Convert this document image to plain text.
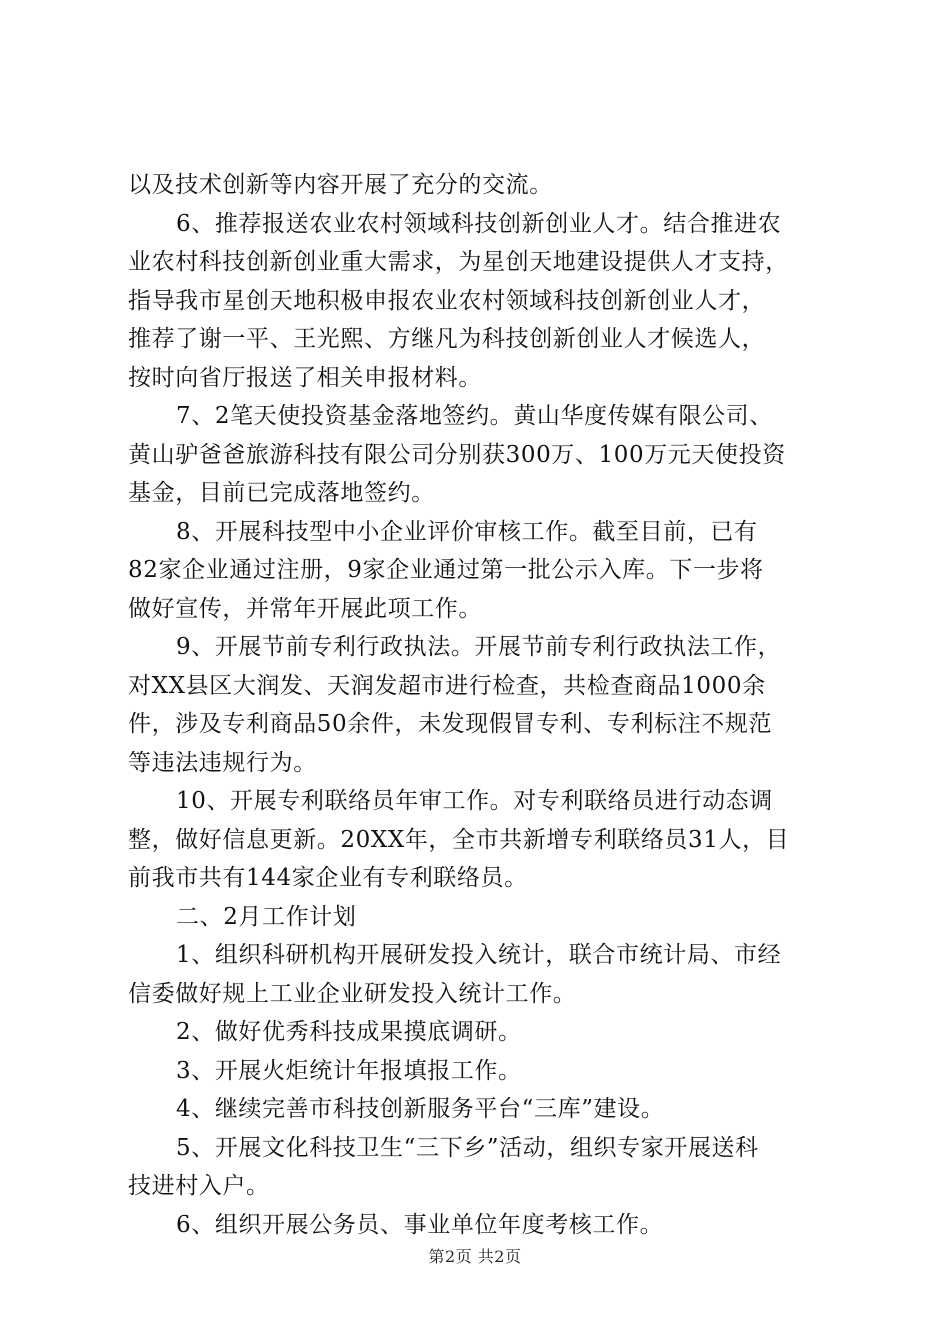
以及技术创新等内容开展了充分的交流。
6、推荐报送农业农村领域科技创新创业人才。结合推进农
业农村科技创新创业重大需求，为星创天地建设提供人才支持，
指导我市星创天地积极申报农业农村领域科技创新创业人才，
推荐了谢一平、王光熙、方继凡为科技创新创业人才候选人，
按时向省厅报送了相关申报材料。
7、2笔天使投资基金落地签约。黄山华度传媒有限公司、
黄山驴爸爸旅游科技有限公司分别获300万、100万元天使投资
基金，目前已完成落地签约。
8、开展科技型中小企业评价审核工作。截至目前，已有
82家企业通过注册，9家企业通过第一批公示入库。下一步将
做好宣传，并常年开展此项工作。
9、开展节前专利行政执法。开展节前专利行政执法工作，
对XX县区大润发、天润发超市进行检查，共检查商品1000余
件，涉及专利商品50余件，未发现假冒专利、专利标注不规范
等违法违规行为。
10、开展专利联络员年审工作。对专利联络员进行动态调
整，做好信息更新。20XX年，全市共新增专利联络员31人，目
前我市共有144家企业有专利联络员。
二、2月工作计划
1、组织科研机构开展研发投入统计，联合市统计局、市经
信委做好规上工业企业研发投入统计工作。
2、做好优秀科技成果摸底调研。
3、开展火炬统计年报填报工作。
4、继续完善市科技创新服务平台“三库”建设。
5、开展文化科技卫生“三下乡”活动，组织专家开展送科
技进村入户。
6、组织开展公务员、事业单位年度考核工作。
第2页 共2页
